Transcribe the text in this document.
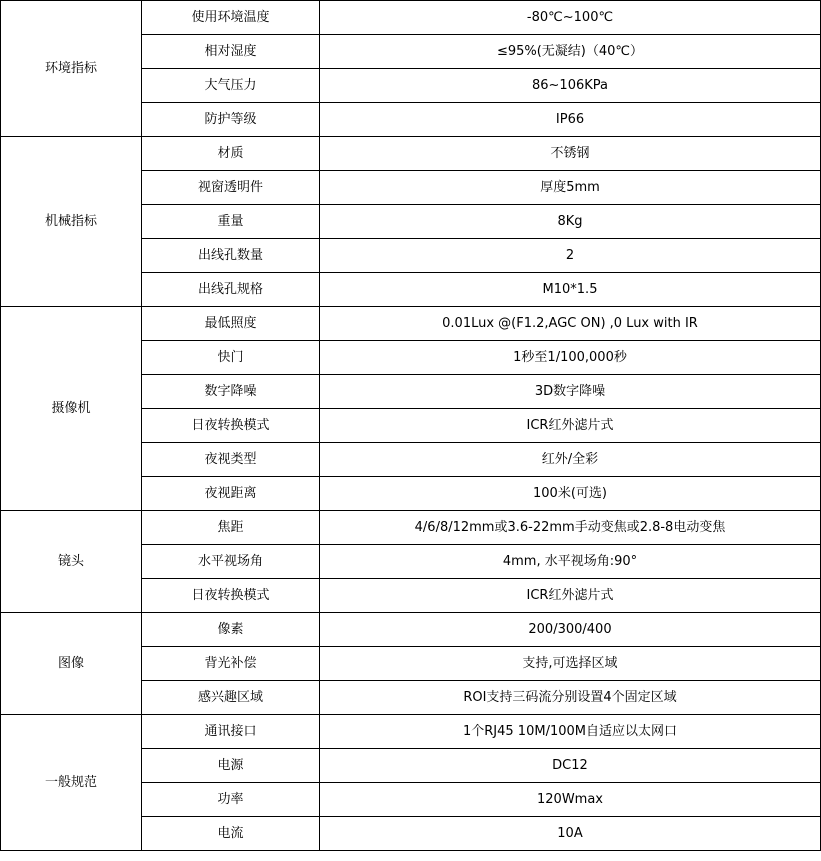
环境指标	使用环境温度	-80℃~100℃
	相对湿度	≤95%(无凝结)（40℃）
	大气压力	86~106KPa
	防护等级	IP66
机械指标	材质	不锈钢
	视窗透明件	厚度5mm
	重量	8Kg
	出线孔数量	2
	出线孔规格	M10*1.5
摄像机	最低照度	0.01Lux @(F1.2,AGC ON) ,0 Lux with IR
	快门	1秒至1/100,000秒
	数字降噪	3D数字降噪
	日夜转换模式	ICR红外滤片式
	夜视类型	红外/全彩
	夜视距离	100米(可选)
镜头	焦距	4/6/8/12mm或3.6-22mm手动变焦或2.8-8电动变焦
	水平视场角	4mm, 水平视场角:90°
	日夜转换模式	ICR红外滤片式
图像	像素	200/300/400
	背光补偿	支持,可选择区域
	感兴趣区域	ROI支持三码流分别设置4个固定区域
一般规范	通讯接口	1个RJ45 10M/100M自适应以太网口
	电源	DC12
	功率	120Wmax
	电流	10A
